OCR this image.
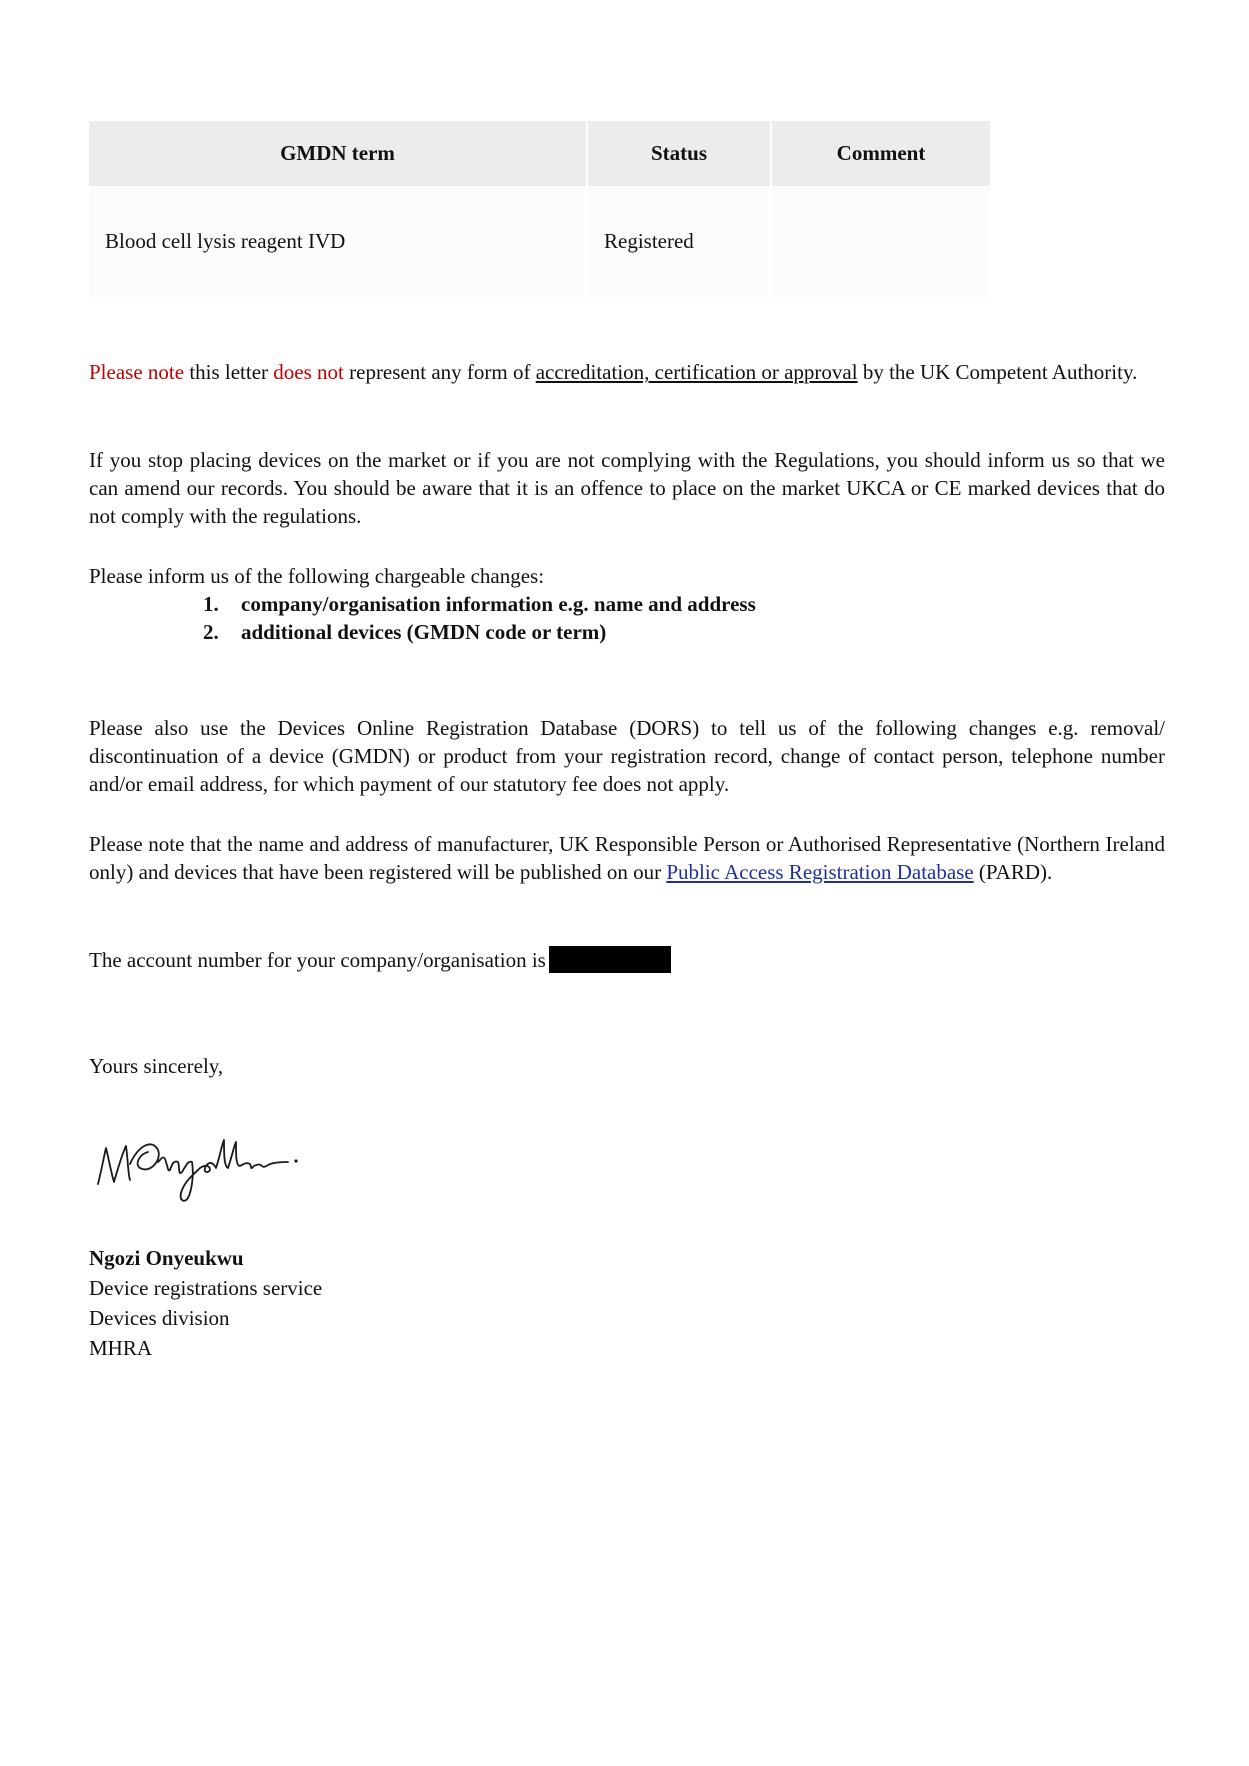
GMDN term	Status	Comment
Blood cell lysis reagent IVD	Registered	

Please note this letter does not represent any form of accreditation, certification or approval by the UK Competent Authority.

If you stop placing devices on the market or if you are not complying with the Regulations, you should inform us so that we can amend our records. You should be aware that it is an offence to place on the market UKCA or CE marked devices that do not comply with the regulations.

Please inform us of the following chargeable changes:

1. company/organisation information e.g. name and address
2. additional devices (GMDN code or term)

Please also use the Devices Online Registration Database (DORS) to tell us of the following changes e.g. removal/ discontinuation of a device (GMDN) or product from your registration record, change of contact person, telephone number and/or email address, for which payment of our statutory fee does not apply.

Please note that the name and address of manufacturer, UK Responsible Person or Authorised Representative (Northern Ireland only) and devices that have been registered will be published on our Public Access Registration Database (PARD).

The account number for your company/organisation is

Yours sincerely,

Ngozi Onyeukwu
Device registrations service
Devices division
MHRA
